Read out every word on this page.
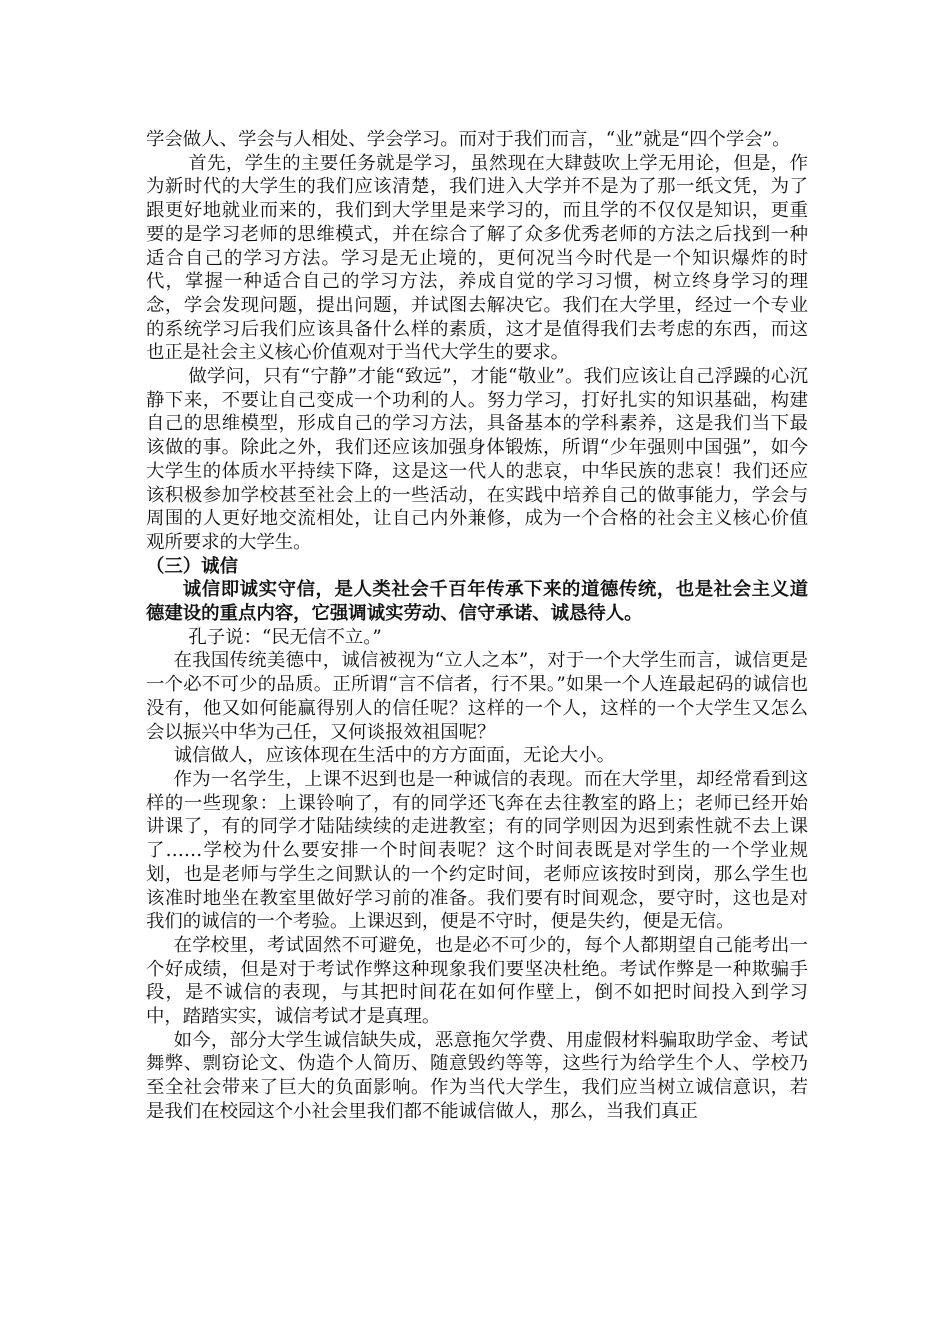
学会做人、学会与人相处、学会学习。而对于我们而言，“业”就是“四个学会”。

首先，学生的主要任务就是学习，虽然现在大肆鼓吹上学无用论，但是，作为新时代的大学生的我们应该清楚，我们进入大学并不是为了那一纸文凭，为了跟更好地就业而来的，我们到大学里是来学习的，而且学的不仅仅是知识，更重要的是学习老师的思维模式，并在综合了解了众多优秀老师的方法之后找到一种适合自己的学习方法。学习是无止境的，更何况当今时代是一个知识爆炸的时代，掌握一种适合自己的学习方法，养成自觉的学习习惯，树立终身学习的理念，学会发现问题，提出问题，并试图去解决它。我们在大学里，经过一个专业的系统学习后我们应该具备什么样的素质，这才是值得我们去考虑的东西，而这也正是社会主义核心价值观对于当代大学生的要求。

做学问，只有“宁静”才能“致远”，才能“敬业”。我们应该让自己浮躁的心沉静下来，不要让自己变成一个功利的人。努力学习，打好扎实的知识基础，构建自己的思维模型，形成自己的学习方法，具备基本的学科素养，这是我们当下最该做的事。除此之外，我们还应该加强身体锻炼，所谓“少年强则中国强”，如今大学生的体质水平持续下降，这是这一代人的悲哀，中华民族的悲哀！我们还应该积极参加学校甚至社会上的一些活动，在实践中培养自己的做事能力，学会与周围的人更好地交流相处，让自己内外兼修，成为一个合格的社会主义核心价值观所要求的大学生。

（三）诚信

诚信即诚实守信，是人类社会千百年传承下来的道德传统，也是社会主义道德建设的重点内容，它强调诚实劳动、信守承诺、诚恳待人。

孔子说：“民无信不立。”

在我国传统美德中，诚信被视为“立人之本”，对于一个大学生而言，诚信更是一个必不可少的品质。正所谓“言不信者，行不果。”如果一个人连最起码的诚信也没有，他又如何能赢得别人的信任呢？这样的一个人，这样的一个大学生又怎么会以振兴中华为己任，又何谈报效祖国呢？

诚信做人，应该体现在生活中的方方面面，无论大小。

作为一名学生，上课不迟到也是一种诚信的表现。而在大学里，却经常看到这样的一些现象：上课铃响了，有的同学还飞奔在去往教室的路上；老师已经开始讲课了，有的同学才陆陆续续的走进教室；有的同学则因为迟到索性就不去上课了……学校为什么要安排一个时间表呢？这个时间表既是对学生的一个学业规划，也是老师与学生之间默认的一个约定时间，老师应该按时到岗，那么学生也该准时地坐在教室里做好学习前的准备。我们要有时间观念，要守时，这也是对我们的诚信的一个考验。上课迟到，便是不守时，便是失约，便是无信。

在学校里，考试固然不可避免，也是必不可少的，每个人都期望自己能考出一个好成绩，但是对于考试作弊这种现象我们要坚决杜绝。考试作弊是一种欺骗手段，是不诚信的表现，与其把时间花在如何作壁上，倒不如把时间投入到学习中，踏踏实实，诚信考试才是真理。

如今，部分大学生诚信缺失成，恶意拖欠学费、用虚假材料骗取助学金、考试舞弊、剽窃论文、伪造个人简历、随意毁约等等，这些行为给学生个人、学校乃至全社会带来了巨大的负面影响。作为当代大学生，我们应当树立诚信意识，若是我们在校园这个小社会里我们都不能诚信做人，那么，当我们真正
